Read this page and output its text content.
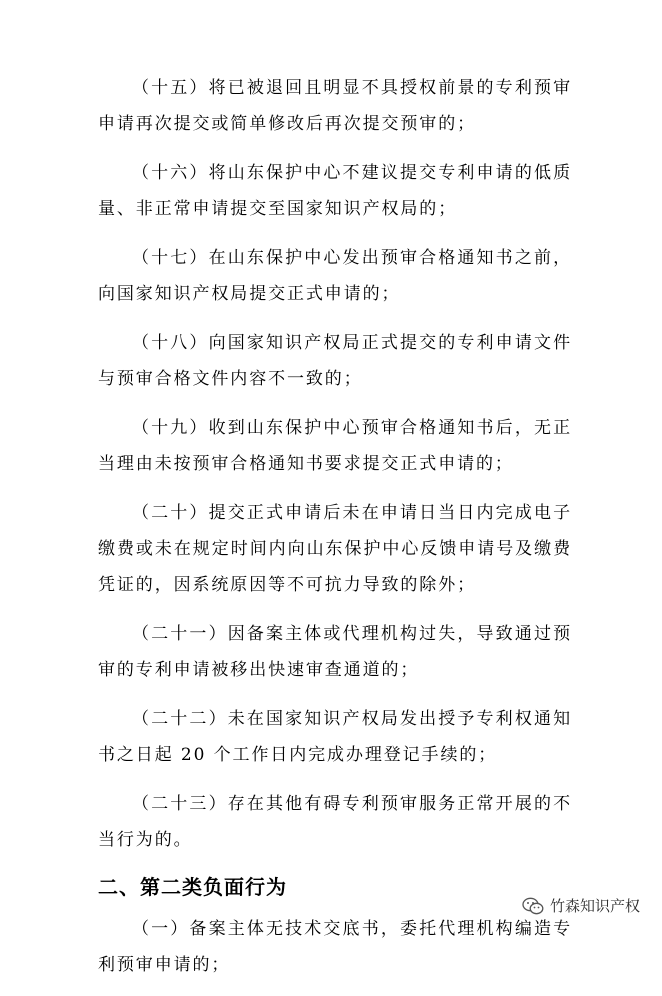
（十五）将已被退回且明显不具授权前景的专利预审申请再次提交或简单修改后再次提交预审的；

（十六）将山东保护中心不建议提交专利申请的低质量、非正常申请提交至国家知识产权局的；

（十七）在山东保护中心发出预审合格通知书之前，向国家知识产权局提交正式申请的；

（十八）向国家知识产权局正式提交的专利申请文件与预审合格文件内容不一致的；

（十九）收到山东保护中心预审合格通知书后，无正当理由未按预审合格通知书要求提交正式申请的；

（二十）提交正式申请后未在申请日当日内完成电子缴费或未在规定时间内向山东保护中心反馈申请号及缴费凭证的，因系统原因等不可抗力导致的除外；

（二十一）因备案主体或代理机构过失，导致通过预审的专利申请被移出快速审查通道的；

（二十二）未在国家知识产权局发出授予专利权通知书之日起 20 个工作日内完成办理登记手续的；

（二十三）存在其他有碍专利预审服务正常开展的不当行为的。

二、第二类负面行为

（一）备案主体无技术交底书，委托代理机构编造专利预审申请的；

竹森知识产权
